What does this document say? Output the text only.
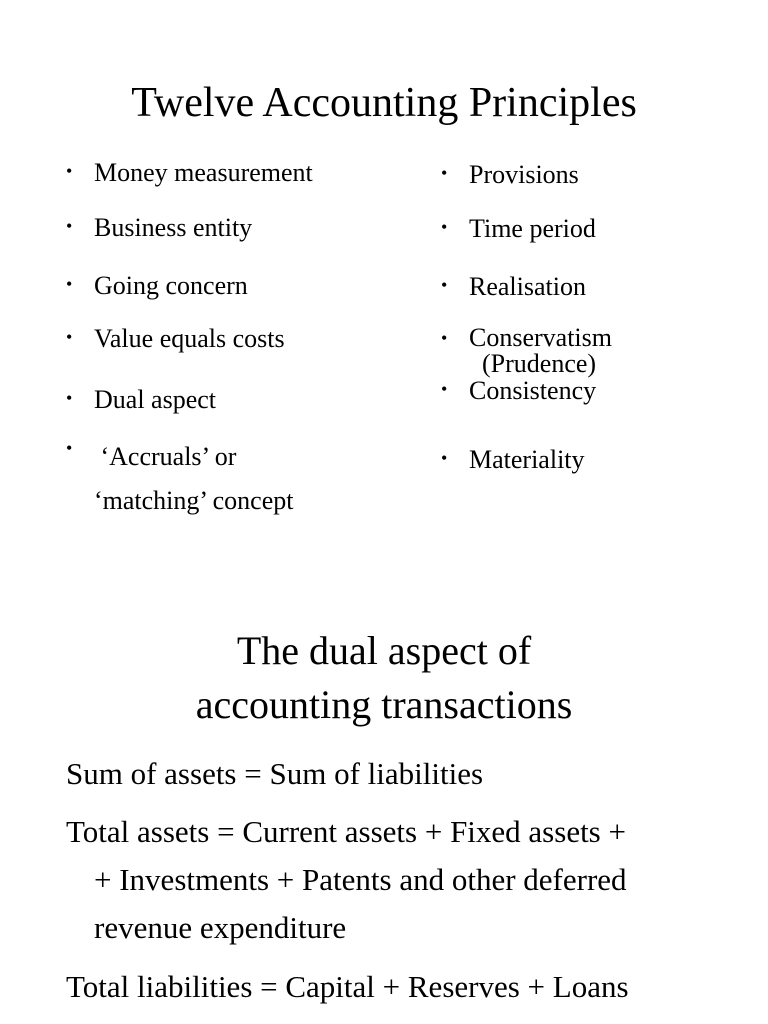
Twelve Accounting Principles
• Money measurement
• Business entity
• Going concern
• Value equals costs
• Dual aspect
• ‘Accruals’ or
‘matching’ concept
• Provisions
• Time period
• Realisation
• Conservatism
(Prudence)
• Consistency
• Materiality
The dual aspect of
accounting transactions
Sum of assets = Sum of liabilities
Total assets = Current assets + Fixed assets +
+ Investments + Patents and other deferred
revenue expenditure
Total liabilities = Capital + Reserves + Loans
